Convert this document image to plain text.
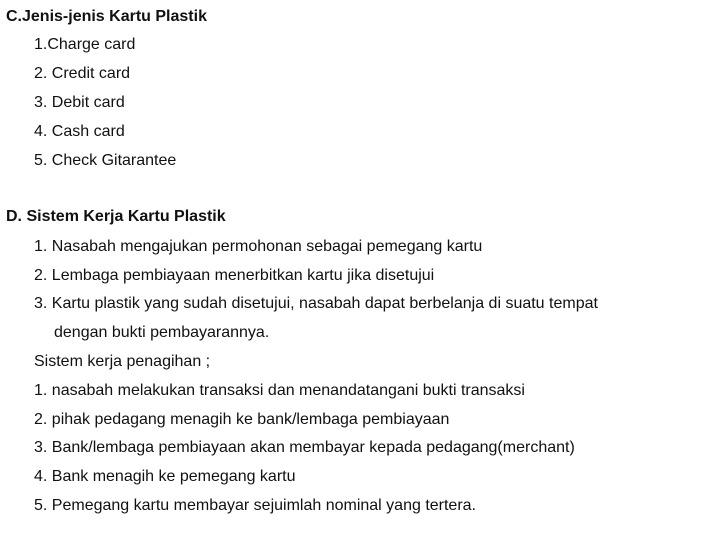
C.Jenis-jenis Kartu Plastik
1.Charge card
2. Credit card
3. Debit card
4. Cash card
5. Check Gitarantee
D. Sistem Kerja Kartu Plastik
1. Nasabah mengajukan permohonan sebagai pemegang kartu
2. Lembaga pembiayaan menerbitkan kartu jika disetujui
3. Kartu plastik yang sudah disetujui, nasabah dapat berbelanja di suatu tempat
dengan bukti pembayarannya.
Sistem kerja penagihan ;
1. nasabah melakukan transaksi dan menandatangani bukti transaksi
2. pihak pedagang menagih ke bank/lembaga pembiayaan
3. Bank/lembaga pembiayaan akan membayar kepada pedagang(merchant)
4. Bank menagih ke pemegang kartu
5. Pemegang kartu membayar sejuimlah nominal yang tertera.
